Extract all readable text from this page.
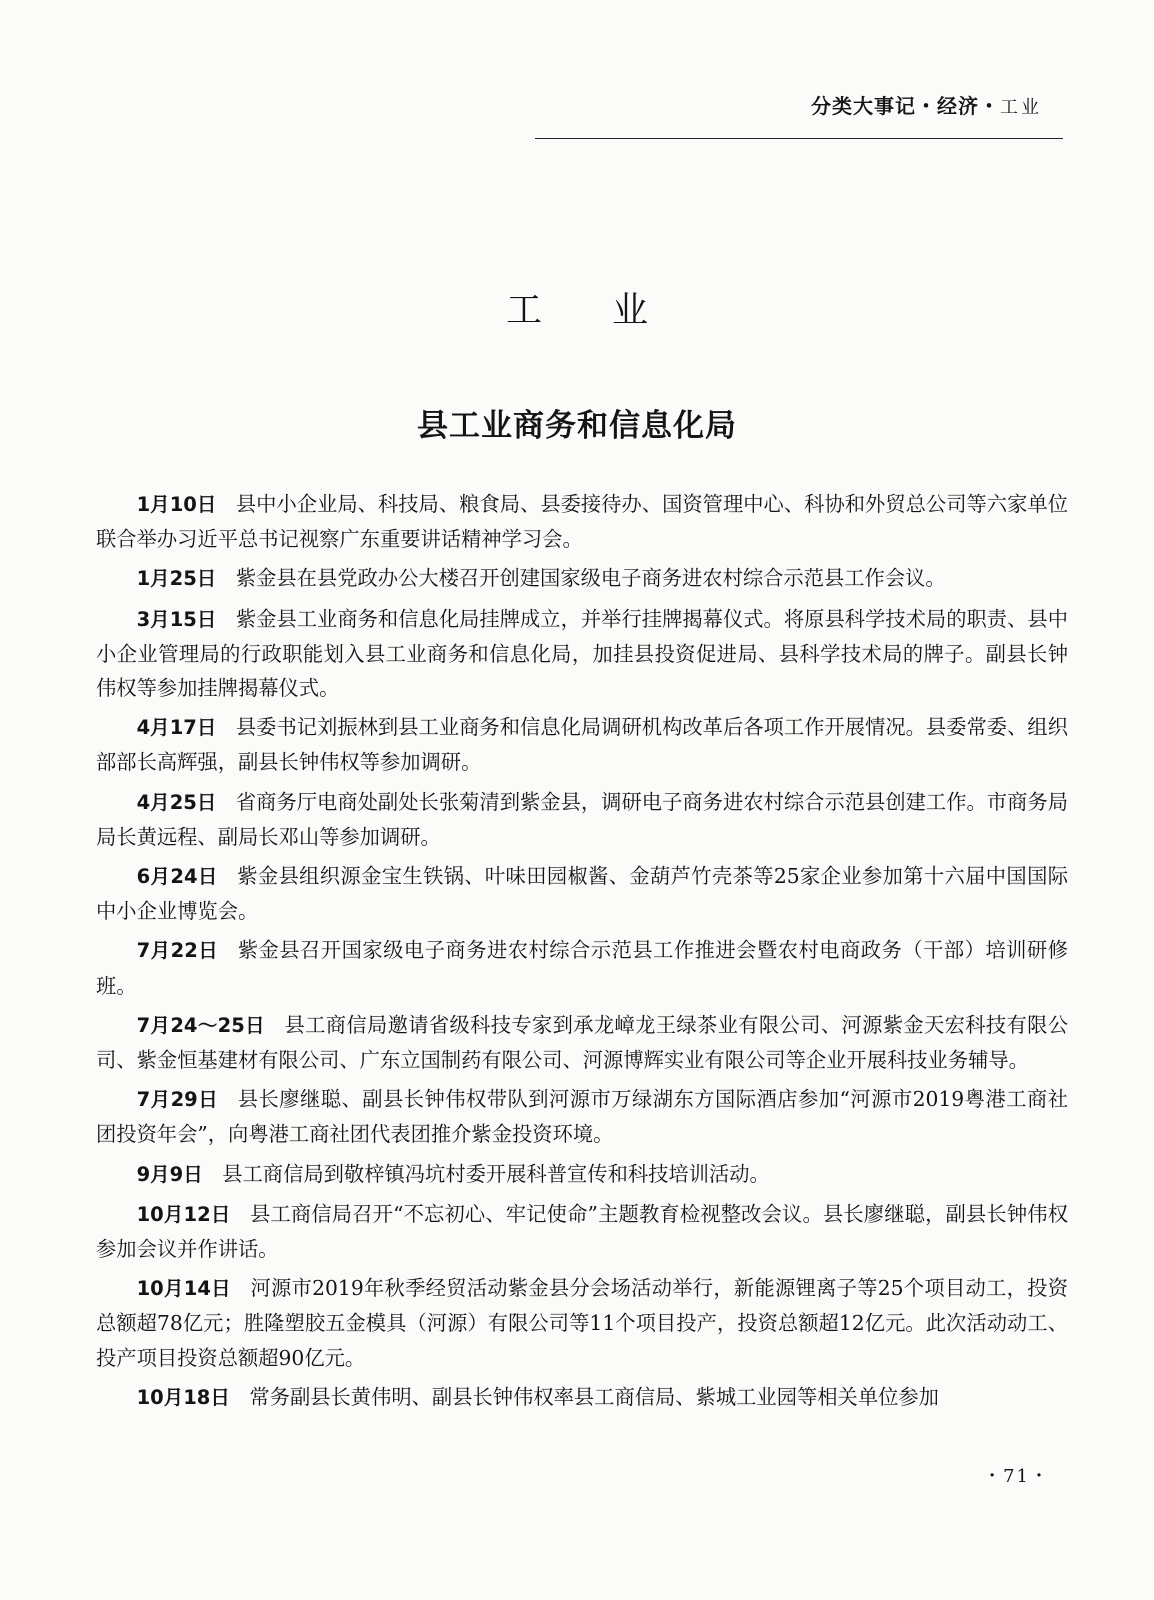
分类大事记・经济・工业
工业
县工业商务和信息化局

1月10日 县中小企业局、科技局、粮食局、县委接待办、国资管理中心、科协和外贸总公司等六家单位联合举办习近平总书记视察广东重要讲话精神学习会。

1月25日 紫金县在县党政办公大楼召开创建国家级电子商务进农村综合示范县工作会议。

3月15日 紫金县工业商务和信息化局挂牌成立，并举行挂牌揭幕仪式。将原县科学技术局的职责、县中小企业管理局的行政职能划入县工业商务和信息化局，加挂县投资促进局、县科学技术局的牌子。副县长钟伟权等参加挂牌揭幕仪式。

4月17日 县委书记刘振林到县工业商务和信息化局调研机构改革后各项工作开展情况。县委常委、组织部部长高辉强，副县长钟伟权等参加调研。

4月25日 省商务厅电商处副处长张菊清到紫金县，调研电子商务进农村综合示范县创建工作。市商务局局长黄远程、副局长邓山等参加调研。

6月24日 紫金县组织源金宝生铁锅、叶味田园椒酱、金葫芦竹壳茶等25家企业参加第十六届中国国际中小企业博览会。

7月22日 紫金县召开国家级电子商务进农村综合示范县工作推进会暨农村电商政务（干部）培训研修班。

7月24～25日 县工商信局邀请省级科技专家到承龙嶂龙王绿茶业有限公司、河源紫金天宏科技有限公司、紫金恒基建材有限公司、广东立国制药有限公司、河源博辉实业有限公司等企业开展科技业务辅导。

7月29日 县长廖继聪、副县长钟伟权带队到河源市万绿湖东方国际酒店参加“河源市2019粤港工商社团投资年会”，向粤港工商社团代表团推介紫金投资环境。

9月9日 县工商信局到敬梓镇冯坑村委开展科普宣传和科技培训活动。

10月12日 县工商信局召开“不忘初心、牢记使命”主题教育检视整改会议。县长廖继聪，副县长钟伟权参加会议并作讲话。

10月14日 河源市2019年秋季经贸活动紫金县分会场活动举行，新能源锂离子等25个项目动工，投资总额超78亿元；胜隆塑胶五金模具（河源）有限公司等11个项目投产，投资总额超12亿元。此次活动动工、投产项目投资总额超90亿元。

10月18日 常务副县长黄伟明、副县长钟伟权率县工商信局、紫城工业园等相关单位参加

・71・
